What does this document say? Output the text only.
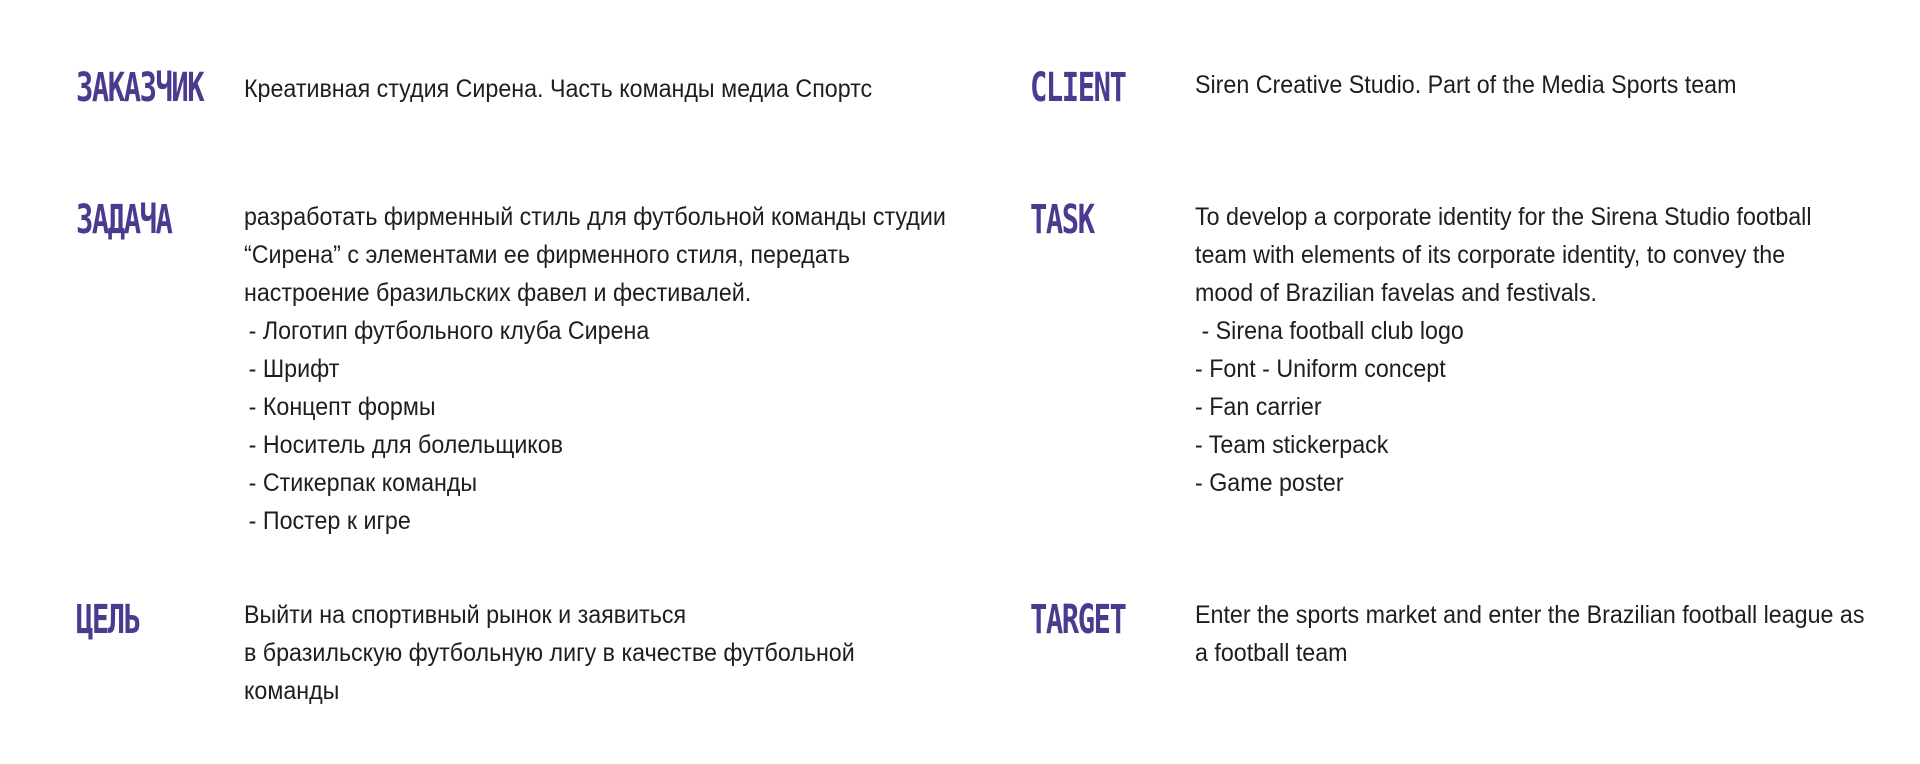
ЗАКАЗЧИК Креативная студия Сирена. Часть команды медиа Спортс
ЗАДАЧА	разработать фирменный стиль для футбольной команды студии
“Сирена” с элементами ее фирменного стиля, передать
настроение бразильских фавел и фестивалей.
- Логотип футбольного клуба Сирена
- Шрифт
- Концепт формы
- Носитель для болельщиков
- Стикерпак команды
- Постер к игре
ЦЕЛЬ	Выйти на спортивный рынок и заявиться
в бразильскую футбольную лигу в качестве футбольной
команды
CLIENT	Siren Creative Studio. Part of the Media Sports team
TASK	To develop a corporate identity for the Sirena Studio football
team with elements of its corporate identity, to convey the
mood of Brazilian favelas and festivals.
- Sirena football club logo
- Font - Uniform concept
- Fan carrier
- Team stickerpack
- Game poster
TARGET	Enter the sports market and enter the Brazilian football league as
a football team
